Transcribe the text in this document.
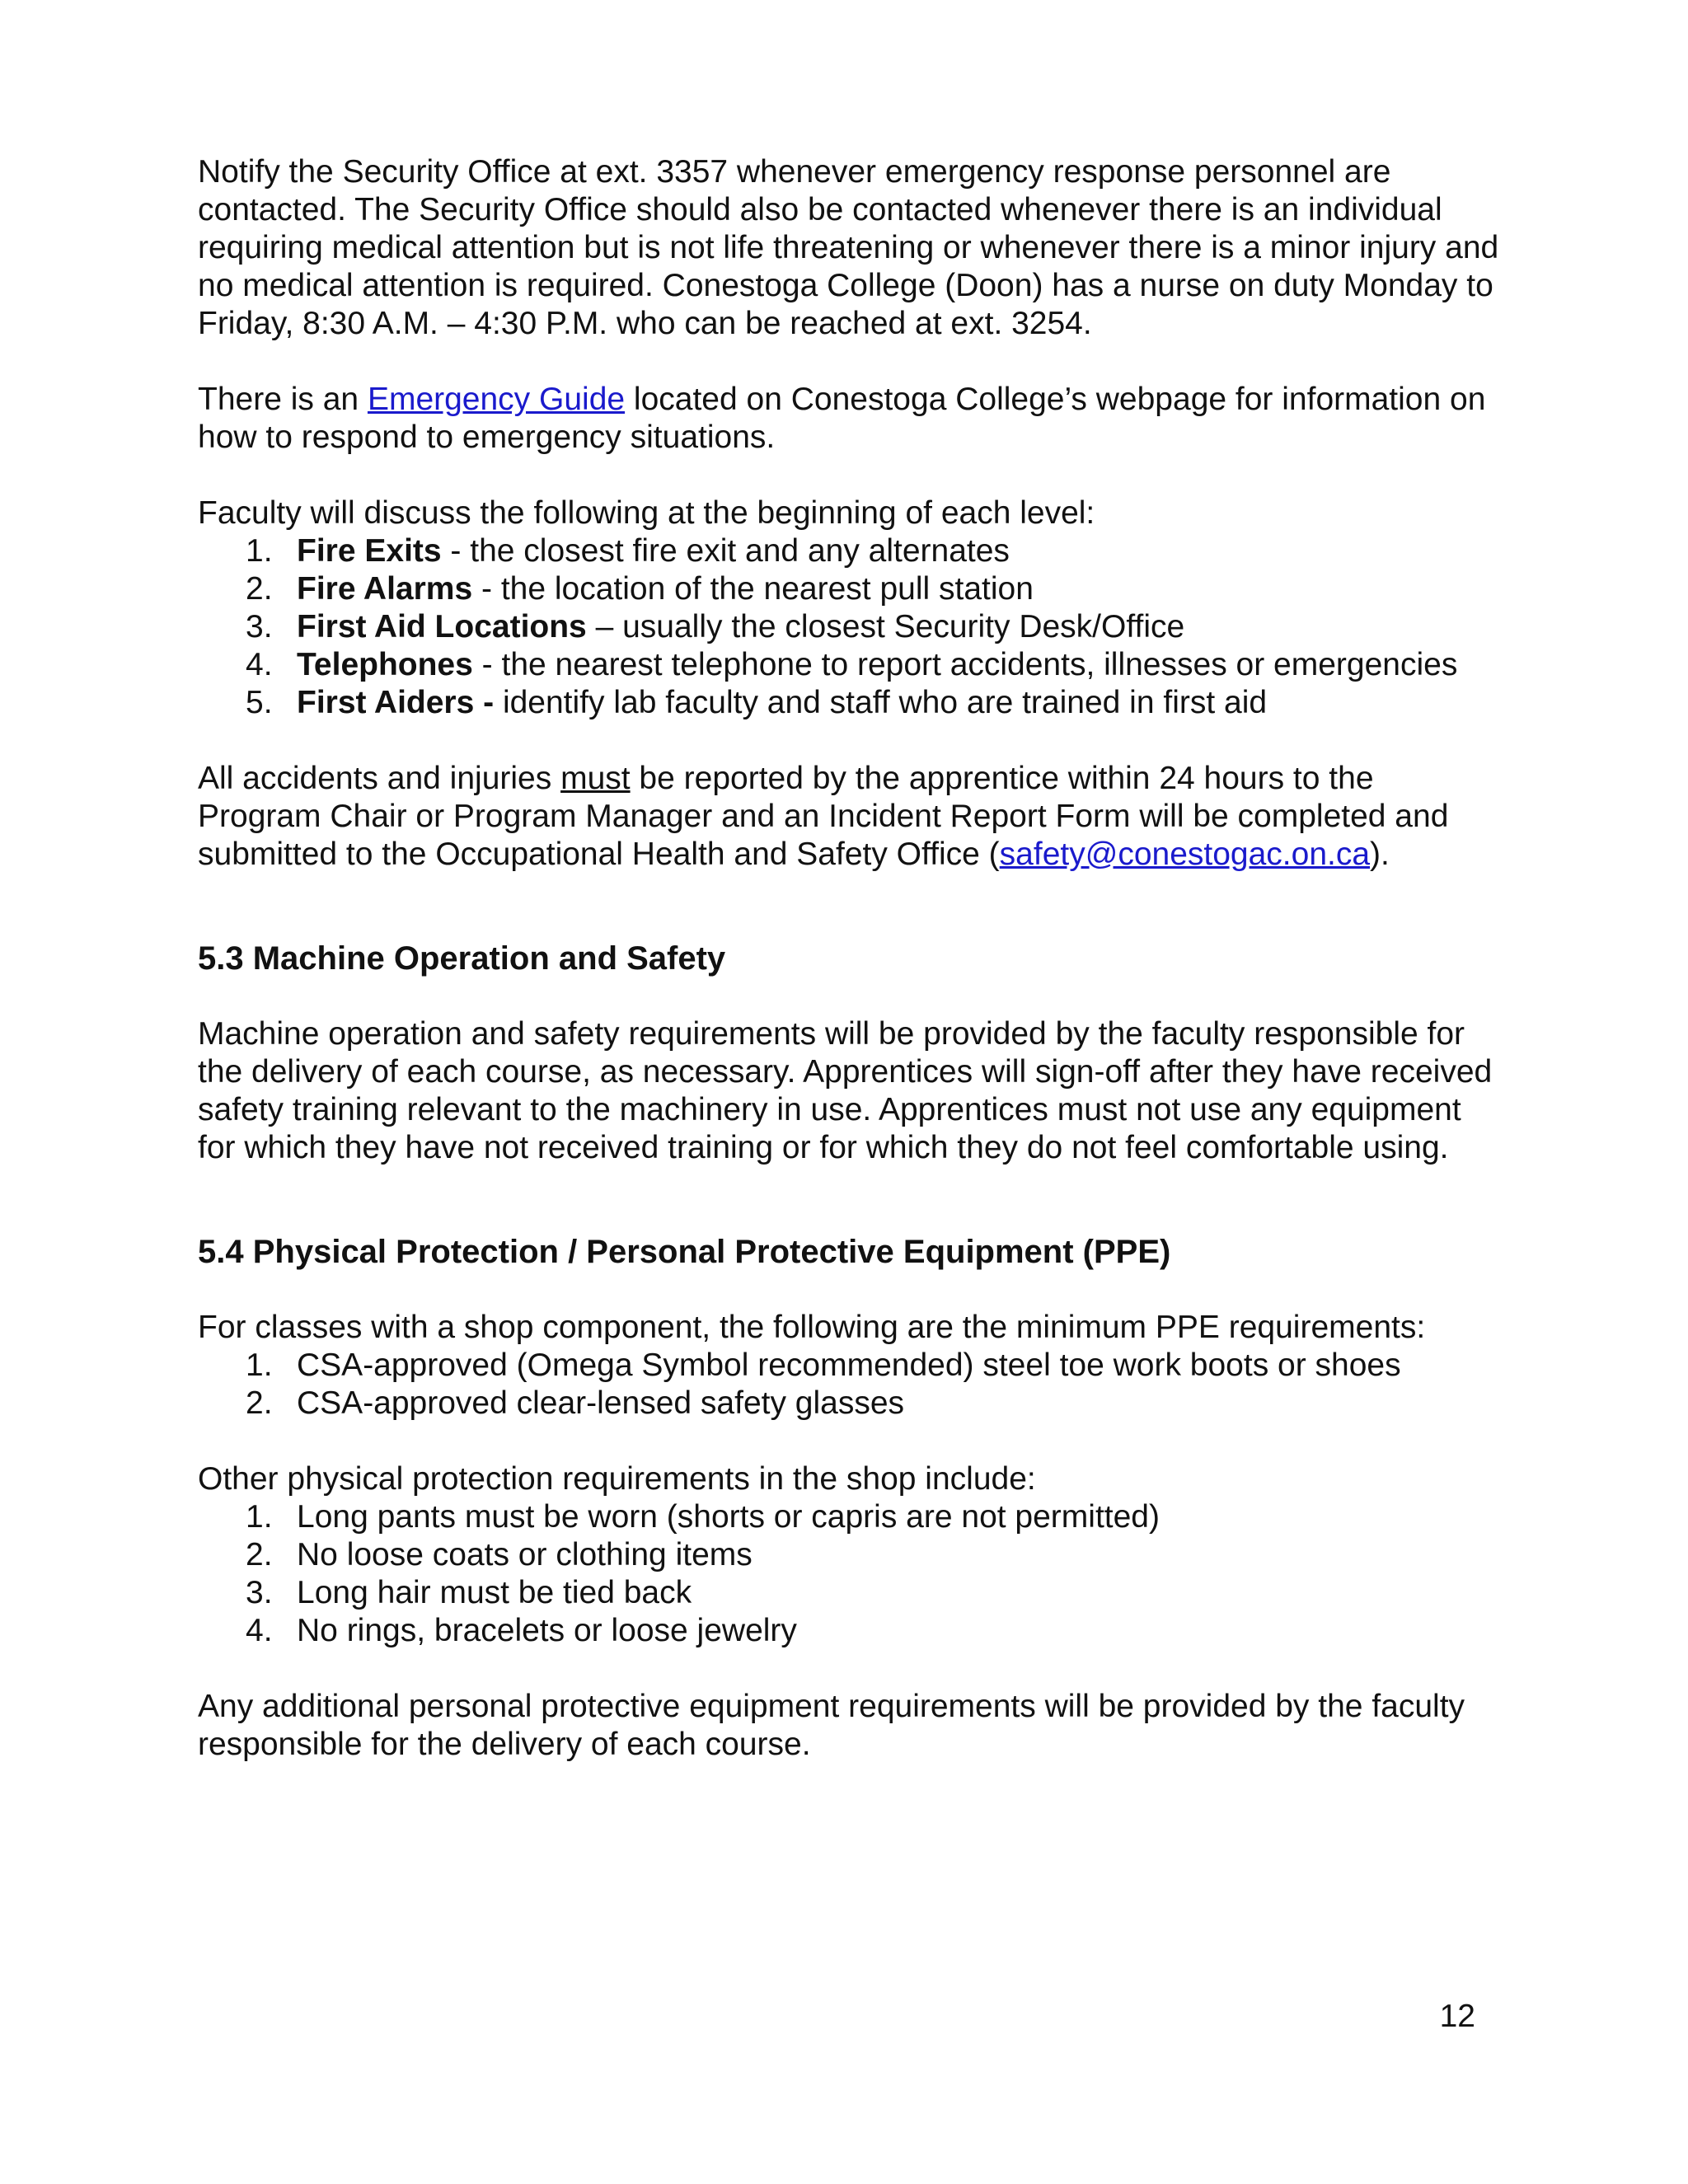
Notify the Security Office at ext. 3357 whenever emergency response personnel are contacted. The Security Office should also be contacted whenever there is an individual requiring medical attention but is not life threatening or whenever there is a minor injury and no medical attention is required. Conestoga College (Doon) has a nurse on duty Monday to Friday, 8:30 A.M. – 4:30 P.M. who can be reached at ext. 3254.

There is an Emergency Guide located on Conestoga College’s webpage for information on how to respond to emergency situations.

Faculty will discuss the following at the beginning of each level:

1. Fire Exits - the closest fire exit and any alternates
2. Fire Alarms - the location of the nearest pull station
3. First Aid Locations – usually the closest Security Desk/Office
4. Telephones - the nearest telephone to report accidents, illnesses or emergencies
5. First Aiders - identify lab faculty and staff who are trained in first aid

All accidents and injuries must be reported by the apprentice within 24 hours to the Program Chair or Program Manager and an Incident Report Form will be completed and submitted to the Occupational Health and Safety Office (safety@conestogac.on.ca).

5.3 Machine Operation and Safety

Machine operation and safety requirements will be provided by the faculty responsible for the delivery of each course, as necessary. Apprentices will sign-off after they have received safety training relevant to the machinery in use. Apprentices must not use any equipment for which they have not received training or for which they do not feel comfortable using.

5.4 Physical Protection / Personal Protective Equipment (PPE)

For classes with a shop component, the following are the minimum PPE requirements:

1. CSA-approved (Omega Symbol recommended) steel toe work boots or shoes
2. CSA-approved clear-lensed safety glasses

Other physical protection requirements in the shop include:

1. Long pants must be worn (shorts or capris are not permitted)
2. No loose coats or clothing items
3. Long hair must be tied back
4. No rings, bracelets or loose jewelry

Any additional personal protective equipment requirements will be provided by the faculty responsible for the delivery of each course.

12
